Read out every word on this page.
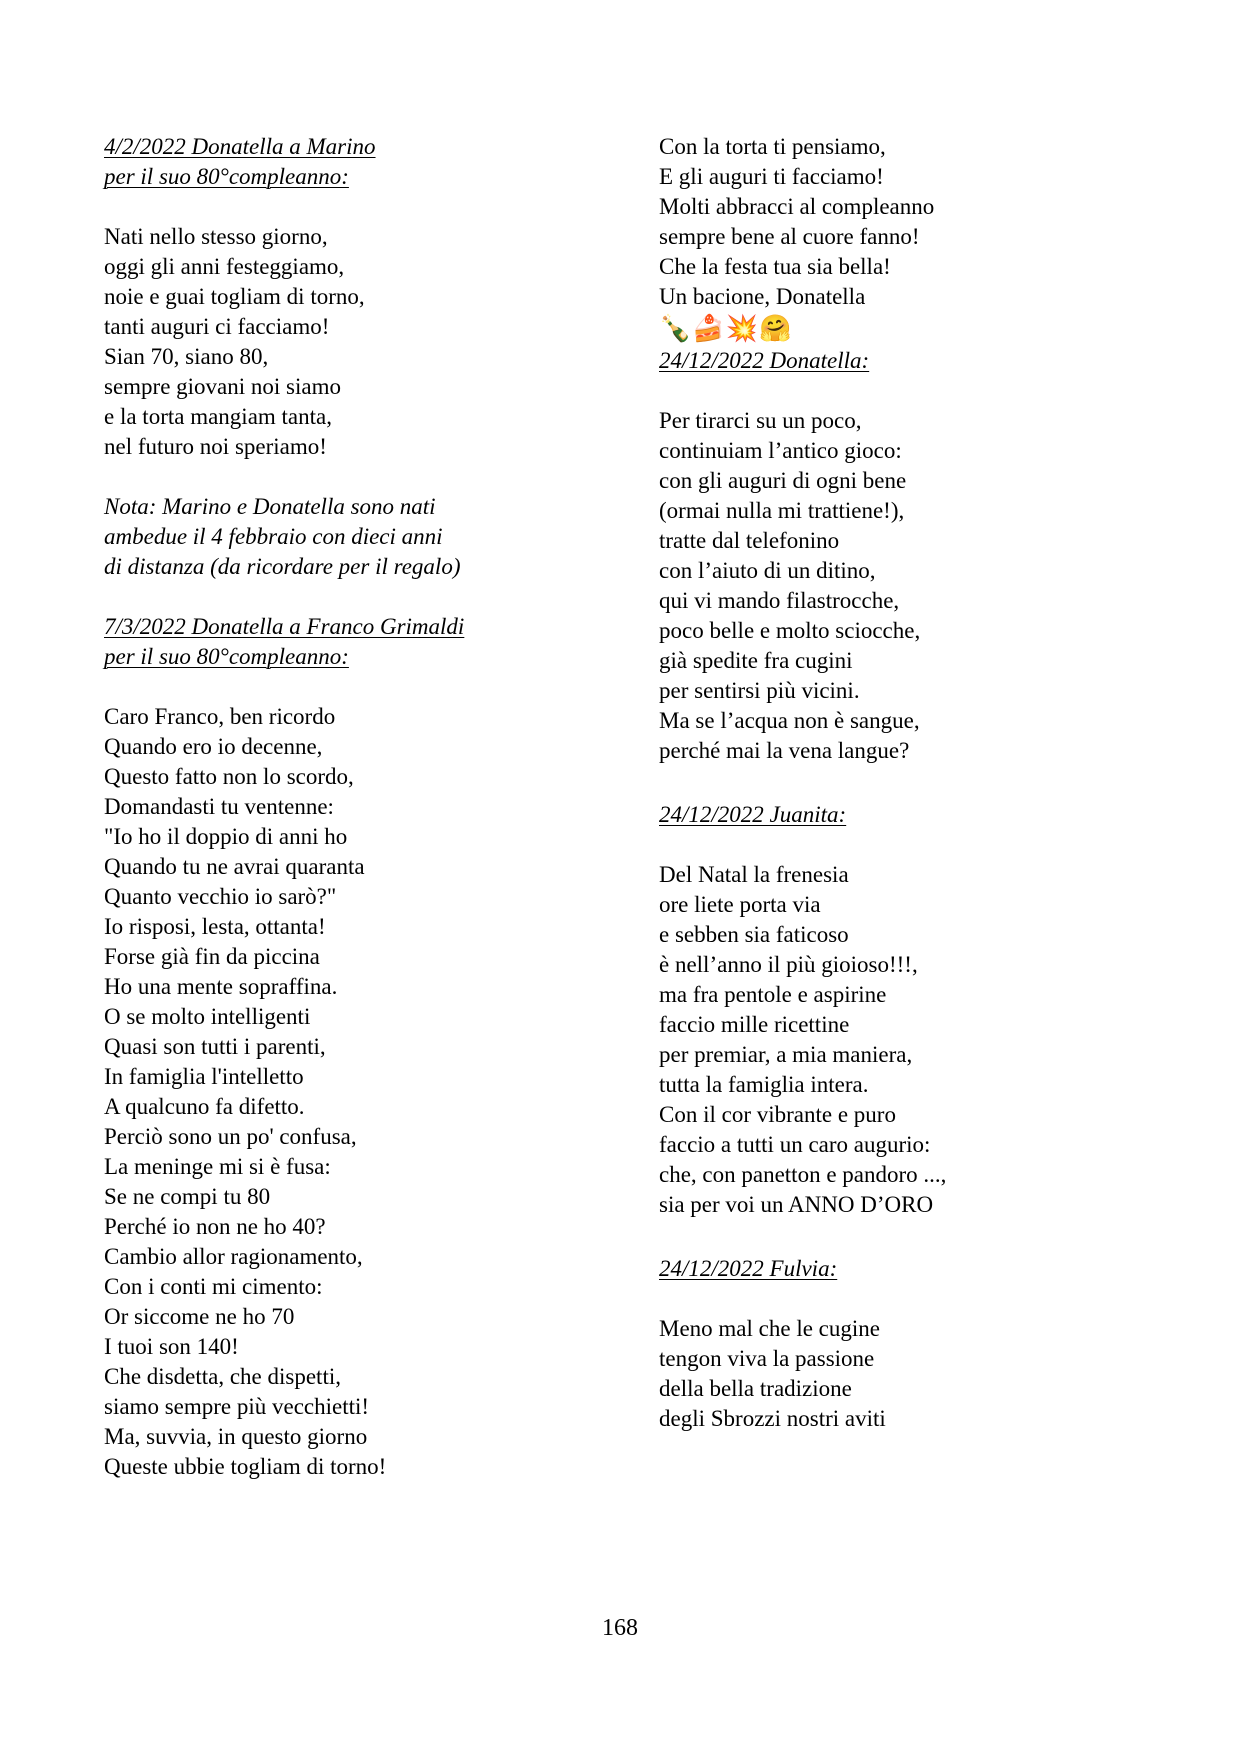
4/2/2022 Donatella a Marino
per il suo 80°compleanno:
Nati nello stesso giorno,
oggi gli anni festeggiamo,
noie e guai togliam di torno,
tanti auguri ci facciamo!
Sian 70, siano 80,
sempre giovani noi siamo
e la torta mangiam tanta,
nel futuro noi speriamo!
Nota: Marino e Donatella sono nati
ambedue il 4 febbraio con dieci anni
di distanza (da ricordare per il regalo)
7/3/2022 Donatella a Franco Grimaldi
per il suo 80°compleanno:
Caro Franco, ben ricordo
Quando ero io decenne,
Questo fatto non lo scordo,
Domandasti tu ventenne:
"Io ho il doppio di anni ho
Quando tu ne avrai quaranta
Quanto vecchio io sarò?"
Io risposi, lesta, ottanta!
Forse già fin da piccina
Ho una mente sopraffina.
O se molto intelligenti
Quasi son tutti i parenti,
In famiglia l'intelletto
A qualcuno fa difetto.
Perciò sono un po' confusa,
La meninge mi si è fusa:
Se ne compi tu 80
Perché io non ne ho 40?
Cambio allor ragionamento,
Con i conti mi cimento:
Or siccome ne ho 70
I tuoi son 140!
Che disdetta, che dispetti,
siamo sempre più vecchietti!
Ma, suvvia, in questo giorno
Queste ubbie togliam di torno!
Con la torta ti pensiamo,
E gli auguri ti facciamo!
Molti abbracci al compleanno
sempre bene al cuore fanno!
Che la festa tua sia bella!
Un bacione, Donatella
🍾🍰💥🤗
24/12/2022 Donatella:
Per tirarci su un poco,
continuiam l’antico gioco:
con gli auguri di ogni bene
(ormai nulla mi trattiene!),
tratte dal telefonino
con l’aiuto di un ditino,
qui vi mando filastrocche,
poco belle e molto sciocche,
già spedite fra cugini
per sentirsi più vicini.
Ma se l’acqua non è sangue,
perché mai la vena langue?
24/12/2022 Juanita:
Del Natal la frenesia
ore liete porta via
e sebben sia faticoso
è nell’anno il più gioioso!!!,
ma fra pentole e aspirine
faccio mille ricettine
per premiar, a mia maniera,
tutta la famiglia intera.
Con il cor vibrante e puro
faccio a tutti un caro augurio:
che, con panetton e pandoro ...,
sia per voi un ANNO D’ORO
24/12/2022 Fulvia:
Meno mal che le cugine
tengon viva la passione
della bella tradizione
degli Sbrozzi nostri aviti
168
